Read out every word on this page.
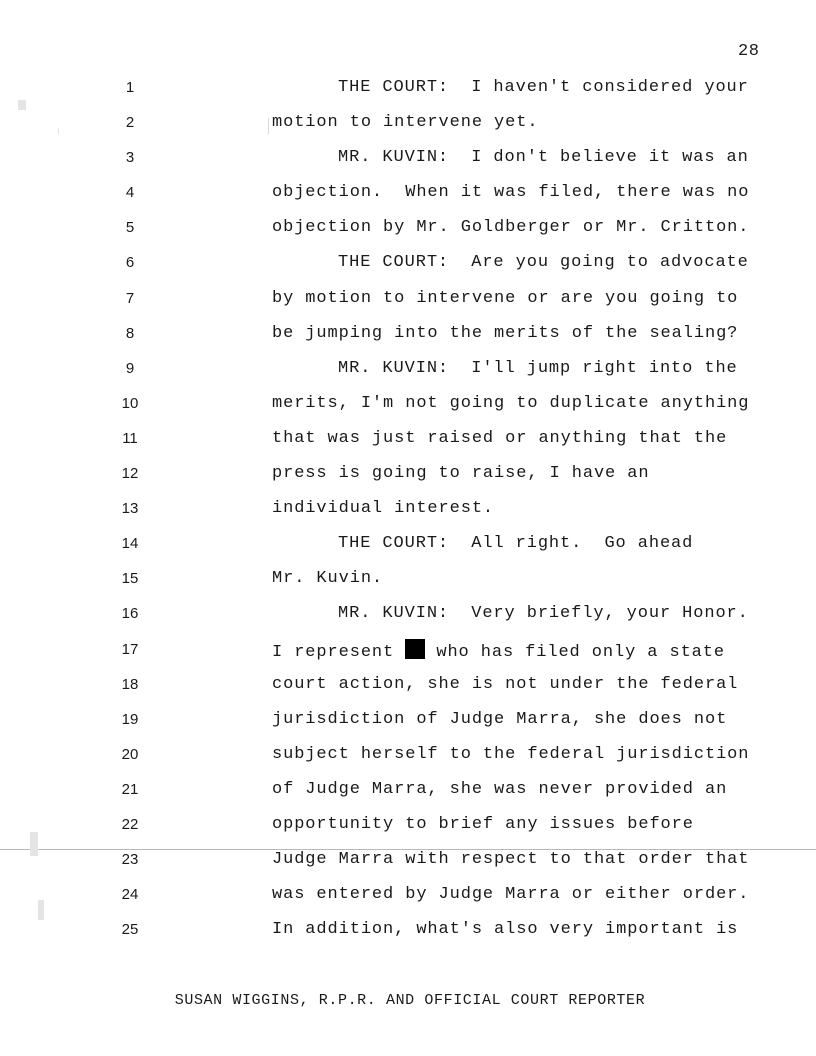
28
1	THE COURT:  I haven't considered your
2	motion to intervene yet.
3	MR. KUVIN:  I don't believe it was an
4	objection.  When it was filed, there was no
5	objection by Mr. Goldberger or Mr. Critton.
6	THE COURT:  Are you going to advocate
7	by motion to intervene or are you going to
8	be jumping into the merits of the sealing?
9	MR. KUVIN:  I'll jump right into the
10	merits, I'm not going to duplicate anything
11	that was just raised or anything that the
12	press is going to raise, I have an
13	individual interest.
14	THE COURT:  All right.  Go ahead
15	Mr. Kuvin.
16	MR. KUVIN:  Very briefly, your Honor.
17	I represent  who has filed only a state
18	court action, she is not under the federal
19	jurisdiction of Judge Marra, she does not
20	subject herself to the federal jurisdiction
21	of Judge Marra, she was never provided an
22	opportunity to brief any issues before
23	Judge Marra with respect to that order that
24	was entered by Judge Marra or either order.
25	In addition, what's also very important is
SUSAN WIGGINS, R.P.R. AND OFFICIAL COURT REPORTER
